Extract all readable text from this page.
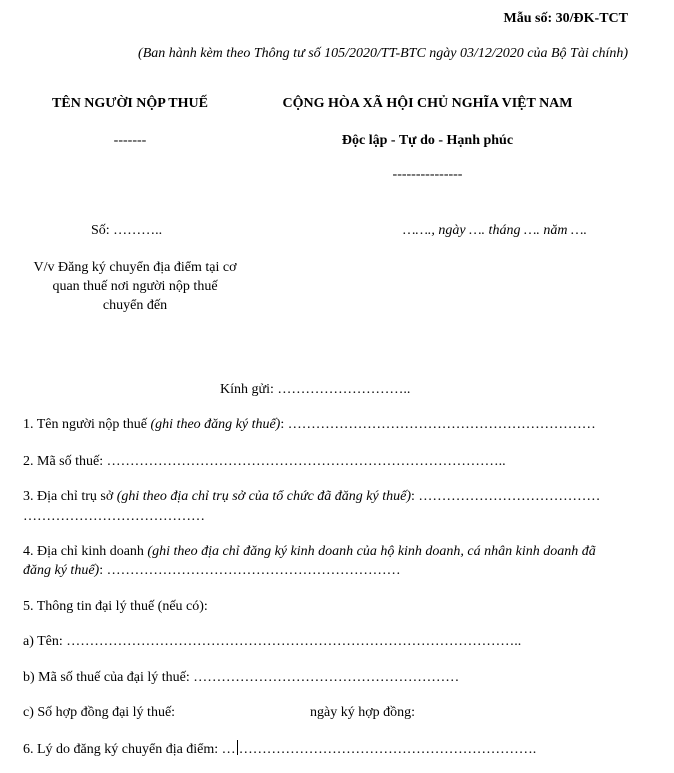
Mẫu số: 30/ĐK-TCT
(Ban hành kèm theo Thông tư số 105/2020/TT-BTC ngày 03/12/2020 của Bộ Tài chính)
TÊN NGƯỜI NỘP THUẾ
-------
CỘNG HÒA XÃ HỘI CHỦ NGHĨA VIỆT NAM
Độc lập - Tự do - Hạnh phúc
---------------
Số: ………..	……., ngày …. tháng …. năm ….
V/v Đăng ký chuyển địa điểm tại cơ
quan thuế nơi người nộp thuế
chuyển đến
Kính gửi: ………………………..
1. Tên người nộp thuế (ghi theo đăng ký thuế): …………………………………………………………
2. Mã số thuế: …………………………………………………………………………..
3. Địa chỉ trụ sở (ghi theo địa chỉ trụ sở của tổ chức đã đăng ký thuế): …………………………………
…………………………………
4. Địa chỉ kinh doanh (ghi theo địa chỉ đăng ký kinh doanh của hộ kinh doanh, cá nhân kinh doanh đã
đăng ký thuế): ………………………………………………………
5. Thông tin đại lý thuế (nếu có):
a) Tên: ……………………………………………………………………………………..
b) Mã số thuế của đại lý thuế: …………………………………………………
c) Số hợp đồng đại lý thuế:	ngày ký hợp đồng:
6. Lý do đăng ký chuyển địa điểm: … ……………………………………………………….
